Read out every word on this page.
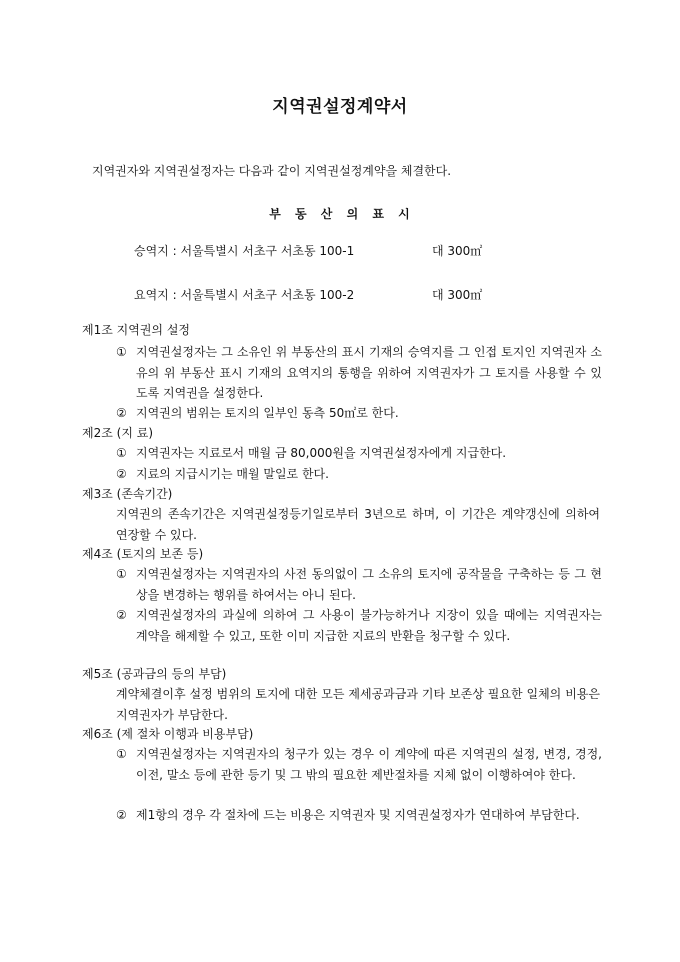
지역권설정계약서
지역권자와 지역권설정자는 다음과 같이 지역권설정계약을 체결한다.
부 동 산 의 표 시
승역지 : 서울특별시 서초구 서초동 100-1	대 300㎡
요역지 : 서울특별시 서초구 서초동 100-2	대 300㎡
제1조 지역권의 설정
① 지역권설정자는 그 소유인 위 부동산의 표시 기재의 승역지를 그 인접 토지인 지역권자 소유의 위 부동산 표시 기재의 요역지의 통행을 위하여 지역권자가 그 토지를 사용할 수 있도록 지역권을 설정한다.
② 지역권의 범위는 토지의 일부인 동측 50㎡로 한다.
제2조 (지 료)
① 지역권자는 지료로서 매월 금 80,000원을 지역권설정자에게 지급한다.
② 지료의 지급시기는 매월 말일로 한다.
제3조 (존속기간)
지역권의 존속기간은 지역권설정등기일로부터 3년으로 하며, 이 기간은 계약갱신에 의하여 연장할 수 있다.
제4조 (토지의 보존 등)
① 지역권설정자는 지역권자의 사전 동의없이 그 소유의 토지에 공작물을 구축하는 등 그 현상을 변경하는 행위를 하여서는 아니 된다.
② 지역권설정자의 과실에 의하여 그 사용이 불가능하거나 지장이 있을 때에는 지역권자는 계약을 해제할 수 있고, 또한 이미 지급한 지료의 반환을 청구할 수 있다.
제5조 (공과금의 등의 부담)
계약체결이후 설정 범위의 토지에 대한 모든 제세공과금과 기타 보존상 필요한 일체의 비용은 지역권자가 부담한다.
제6조 (제 절차 이행과 비용부담)
① 지역권설정자는 지역권자의 청구가 있는 경우 이 계약에 따른 지역권의 설정, 변경, 경정, 이전, 말소 등에 관한 등기 및 그 밖의 필요한 제반절차를 지체 없이 이행하여야 한다.
② 제1항의 경우 각 절차에 드는 비용은 지역권자 및 지역권설정자가 연대하여 부담한다.
